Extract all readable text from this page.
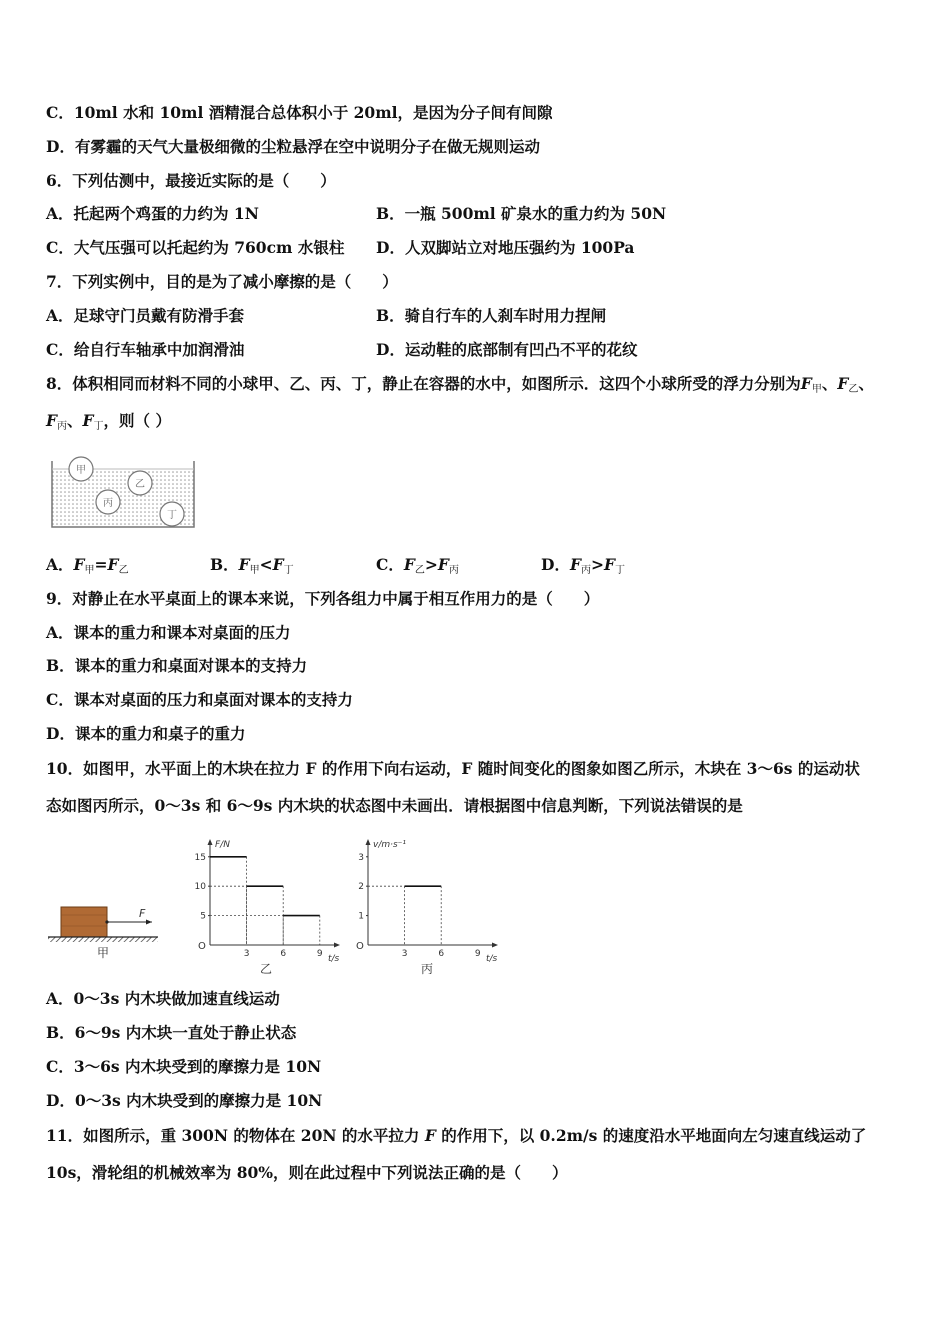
C．10ml 水和 10ml 酒精混合总体积小于 20ml，是因为分子间有间隙
D．有雾霾的天气大量极细微的尘粒悬浮在空中说明分子在做无规则运动
6．下列估测中，最接近实际的是（　　）
A．托起两个鸡蛋的力约为 1N	B．一瓶 500ml 矿泉水的重力约为 50N
C．大气压强可以托起约为 760cm 水银柱 D．人双脚站立对地压强约为 100Pa
7．下列实例中，目的是为了减小摩擦的是（　　）
A．足球守门员戴有防滑手套	B．骑自行车的人刹车时用力捏闸
C．给自行车轴承中加润滑油	D．运动鞋的底部制有凹凸不平的花纹
8．体积相同而材料不同的小球甲、乙、丙、丁，静止在容器的水中，如图所示．这四个小球所受的浮力分别为$F_甲$、$F_乙$、
$F_丙$、$F_丁$，则（ ）
甲
乙
丙
丁
A．$F_甲=F_乙$	B．$F_甲<F_丁$	C．$F_乙>F_丙$	D．$F_丙>F_丁$
9．对静止在水平桌面上的课本来说，下列各组力中属于相互作用力的是（　　）
A．课本的重力和课本对桌面的压力
B．课本的重力和桌面对课本的支持力
C．课本对桌面的压力和桌面对课本的支持力
D．课本的重力和桌子的重力
10．如图甲，水平面上的木块在拉力 F 的作用下向右运动，F 随时间变化的图象如图乙所示，木块在 3～6s 的运动状
态如图丙所示，0～3s 和 6～9s 内木块的状态图中未画出．请根据图中信息判断，下列说法错误的是
F
甲	O
F/N
t/s
3	6	9
5
10
15
乙
O
v/m·s⁻¹
t/s
3	6	9
1
2
3
丙
A．0～3s 内木块做加速直线运动
B．6～9s 内木块一直处于静止状态
C．3～6s 内木块受到的摩擦力是 10N
D．0～3s 内木块受到的摩擦力是 10N
11．如图所示，重 300N 的物体在 20N 的水平拉力 F 的作用下，以 0.2m/s 的速度沿水平地面向左匀速直线运动了
10s，滑轮组的机械效率为 80%，则在此过程中下列说法正确的是（　　）
